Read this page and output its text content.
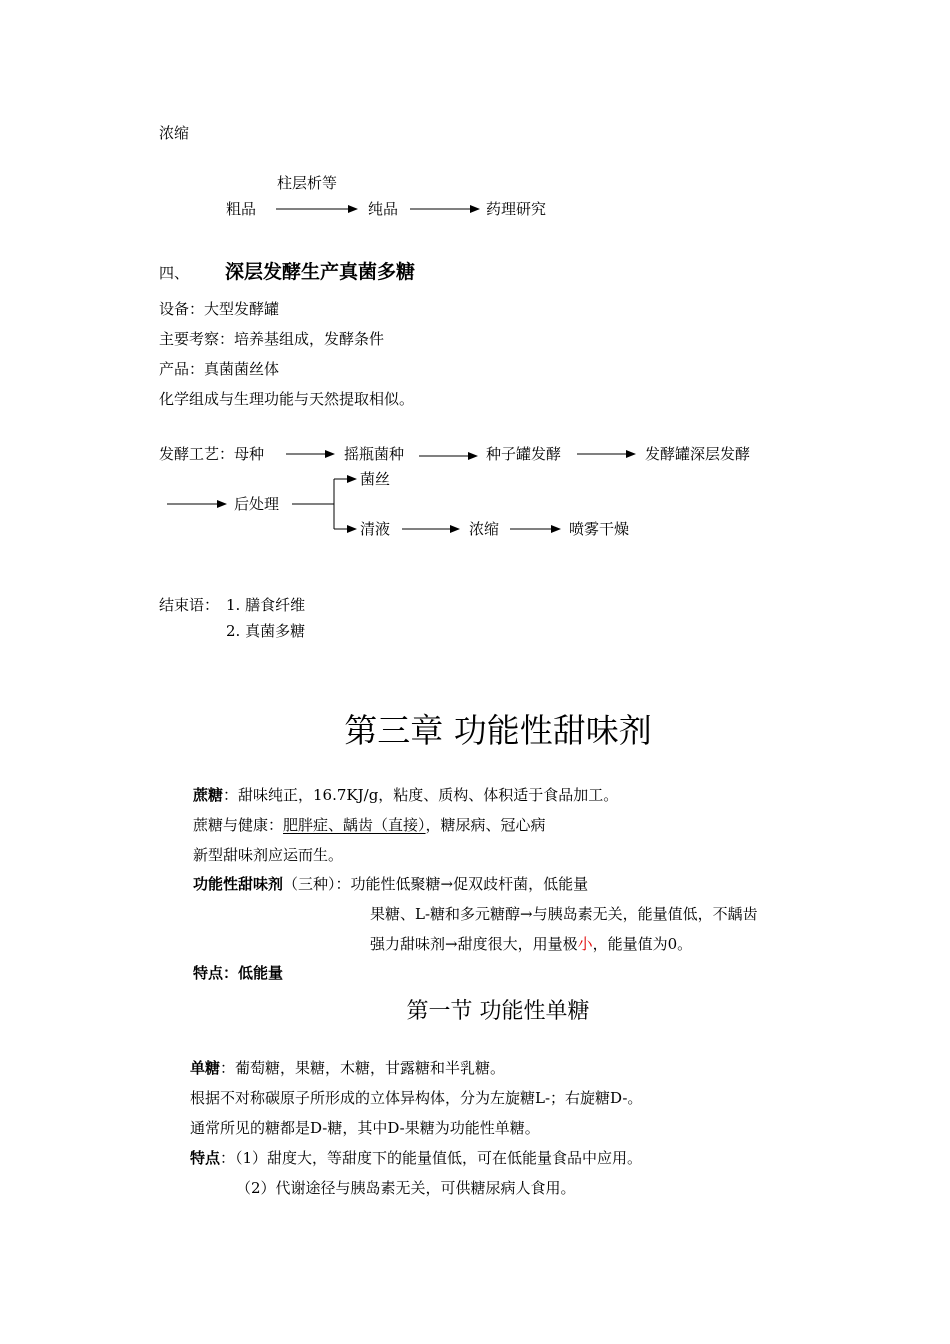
浓缩
柱层析等
粗品	纯品	药理研究
四、 深层发酵生产真菌多糖
设备：大型发酵罐
主要考察：培养基组成，发酵条件
产品：真菌菌丝体
化学组成与生理功能与天然提取相似。
发酵工艺：母种	摇瓶菌种	种子罐发酵	发酵罐深层发酵
后处理
菌丝
清液	浓缩	喷雾干燥
结束语： 1. 膳食纤维
2. 真菌多糖
第三章 功能性甜味剂
蔗糖：甜味纯正，16.7KJ/g，粘度、质构、体积适于食品加工。
蔗糖与健康：肥胖症、龋齿（直接），糖尿病、冠心病
新型甜味剂应运而生。
功能性甜味剂（三种）：功能性低聚糖→促双歧杆菌，低能量
果糖、L-糖和多元糖醇→与胰岛素无关，能量值低，不龋齿
强力甜味剂→甜度很大，用量极小，能量值为0。
特点：低能量
第一节 功能性单糖
单糖：葡萄糖，果糖，木糖，甘露糖和半乳糖。
根据不对称碳原子所形成的立体异构体，分为左旋糖L-；右旋糖D-。
通常所见的糖都是D-糖，其中D-果糖为功能性单糖。
特点：（1）甜度大，等甜度下的能量值低，可在低能量食品中应用。
（2）代谢途径与胰岛素无关，可供糖尿病人食用。
